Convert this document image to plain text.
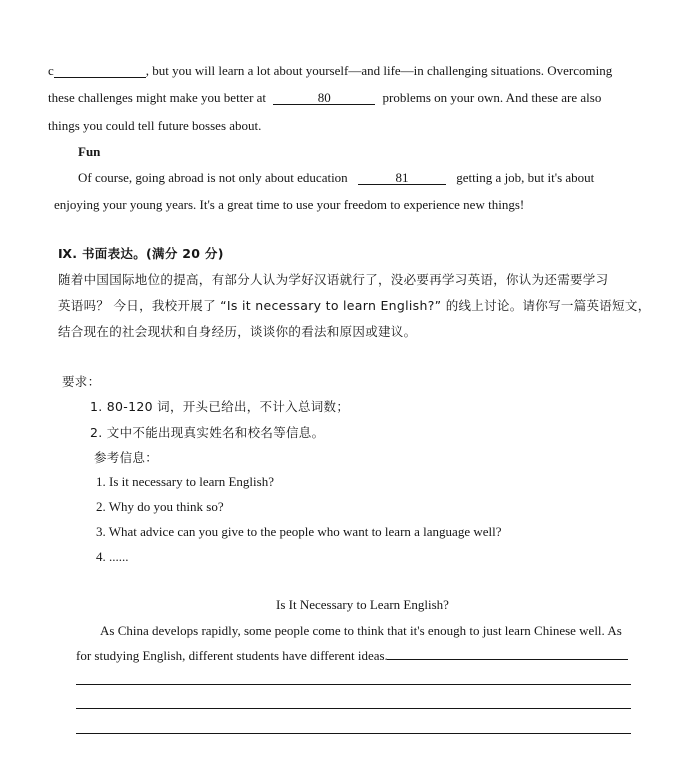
c	, but you will learn a lot about yourself—and life—in challenging situations. Overcoming
these challenges might make you better at	80	problems on your own. And these are also
things you could tell future bosses about.
Fun
Of course, going abroad is not only about education	81	getting a job, but it's about
enjoying your young years. It's a great time to use your freedom to experience new things!
Ⅸ. 书面表达。(满分 20 分)
随着中国国际地位的提高，有部分人认为学好汉语就行了，没必要再学习英语，你认为还需要学习
英语吗？ 今日，我校开展了 “Is it necessary to learn English?” 的线上讨论。请你写一篇英语短文，
结合现在的社会现状和自身经历，谈谈你的看法和原因或建议。
要求：
1. 80-120 词，开头已给出，不计入总词数；
2. 文中不能出现真实姓名和校名等信息。
参考信息：
1. Is it necessary to learn English?
2. Why do you think so?
3. What advice can you give to the people who want to learn a language well?
4. ......
Is It Necessary to Learn English?
As China develops rapidly, some people come to think that it's enough to just learn Chinese well. As
for studying English, different students have different ideas.
